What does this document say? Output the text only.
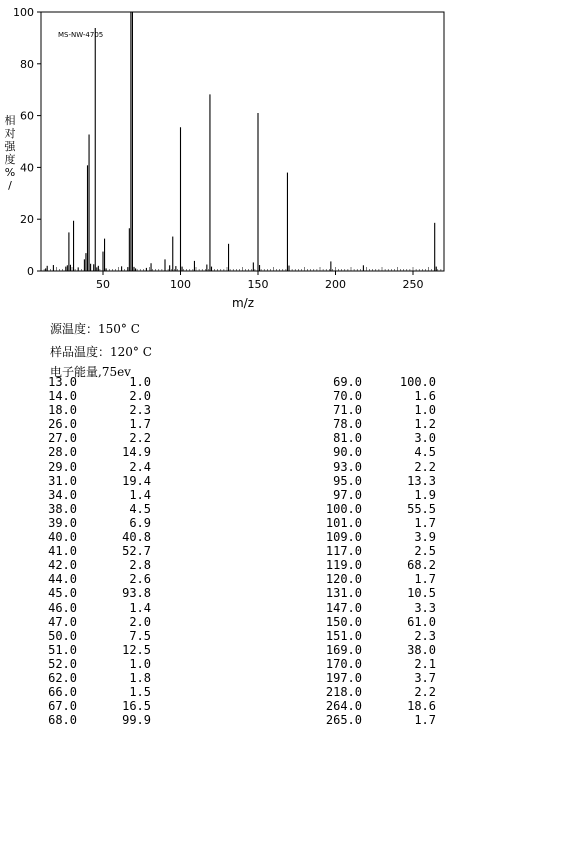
0
20
40
60
80
100
50	100	150	200	250
MS-NW-4705
m/z
相
对
强
度
%
/
源温度：150° C
样品温度：120° C
电子能量,75ev
13.0	1.0
14.0	2.0
18.0	2.3
26.0	1.7
27.0	2.2
28.0	14.9
29.0	2.4
31.0	19.4
34.0	1.4
38.0	4.5
39.0	6.9
40.0	40.8
41.0	52.7
42.0	2.8
44.0	2.6
45.0	93.8
46.0	1.4
47.0	2.0
50.0	7.5
51.0	12.5
52.0	1.0
62.0	1.8
66.0	1.5
67.0	16.5
68.0	99.9
69.0	100.0
70.0	1.6
71.0	1.0
78.0	1.2
81.0	3.0
90.0	4.5
93.0	2.2
95.0	13.3
97.0	1.9
100.0	55.5
101.0	1.7
109.0	3.9
117.0	2.5
119.0	68.2
120.0	1.7
131.0	10.5
147.0	3.3
150.0	61.0
151.0	2.3
169.0	38.0
170.0	2.1
197.0	3.7
218.0	2.2
264.0	18.6
265.0	1.7
